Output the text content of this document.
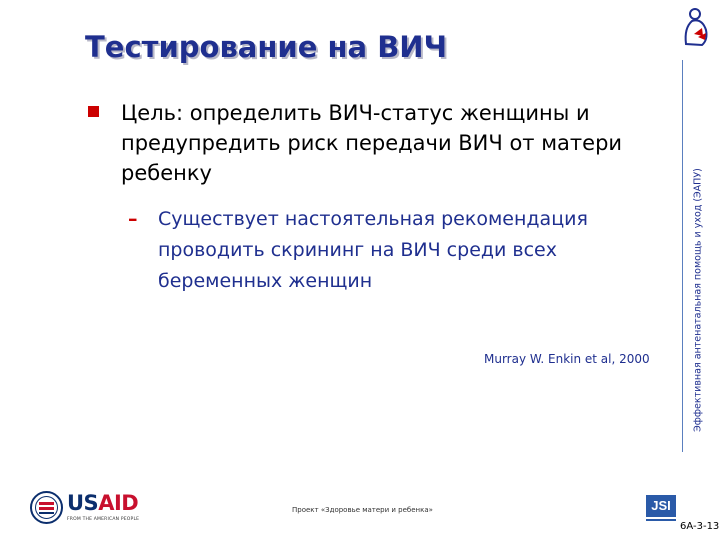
Тестирование на ВИЧ
Эффективная антенатальная помощь и уход (ЭАПУ)
Цель: определить ВИЧ-статус женщины и предупредить риск передачи ВИЧ от матери ребенку
– Существует настоятельная рекомендация проводить скрининг на ВИЧ среди всех беременных женщин
Murray W. Enkin et al, 2000
USAID
FROM THE AMERICAN PEOPLE
Проект «Здоровье матери и ребенка»	JSI
6A-3-13
